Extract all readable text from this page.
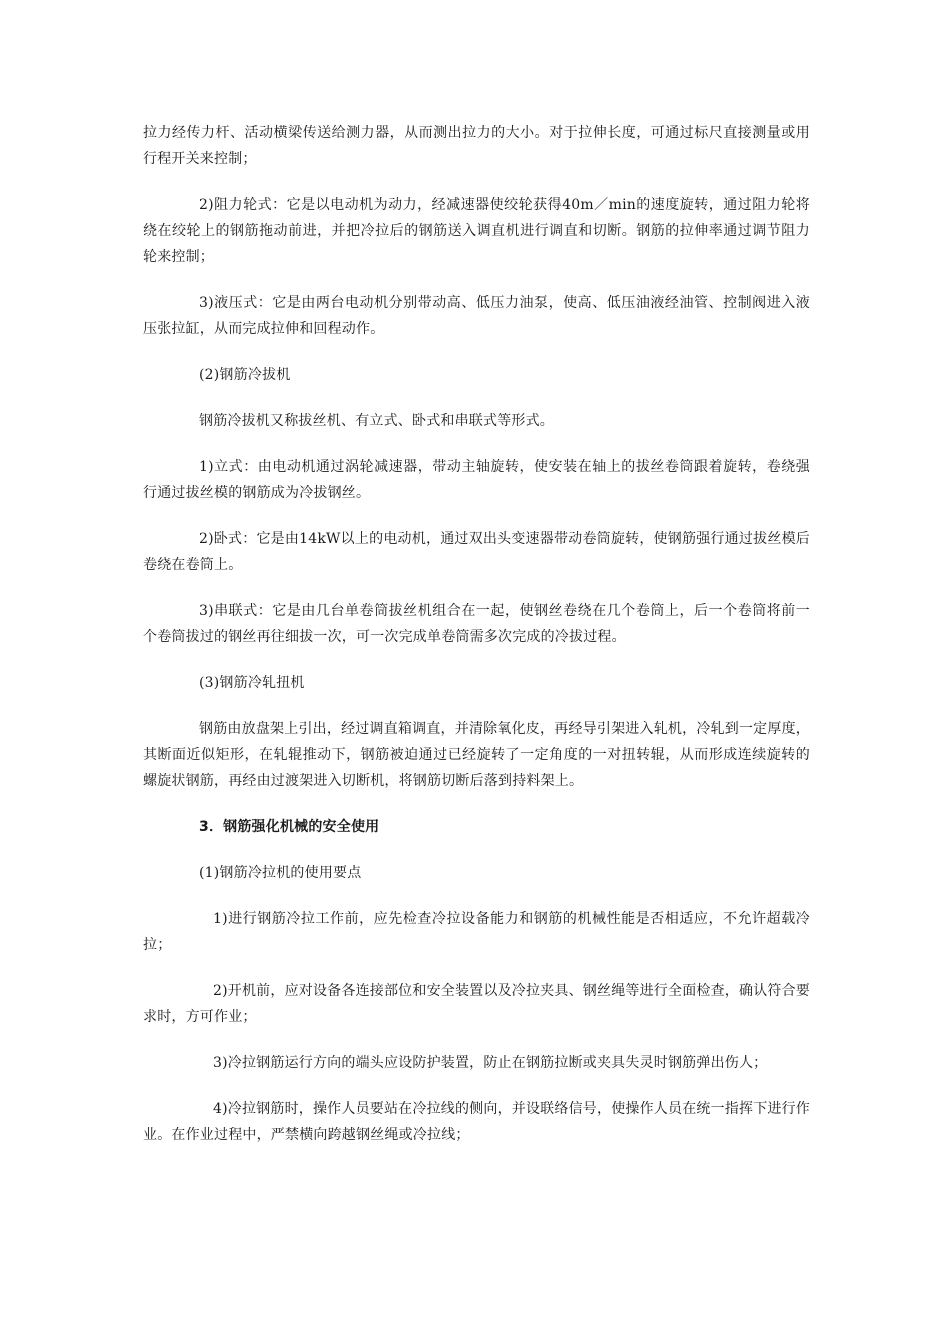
拉力经传力杆、活动横梁传送给测力器，从而测出拉力的大小。对于拉伸长度，可通过标尺直接测量或用行程开关来控制；

2)阻力轮式：它是以电动机为动力，经减速器使绞轮获得40m／min的速度旋转，通过阻力轮将绕在绞轮上的钢筋拖动前进，并把冷拉后的钢筋送入调直机进行调直和切断。钢筋的拉伸率通过调节阻力轮来控制；

3)液压式：它是由两台电动机分别带动高、低压力油泵，使高、低压油液经油管、控制阀进入液压张拉缸，从而完成拉伸和回程动作。

(2)钢筋冷拔机

钢筋冷拔机又称拔丝机、有立式、卧式和串联式等形式。

1)立式：由电动机通过涡轮减速器，带动主轴旋转，使安装在轴上的拔丝卷筒跟着旋转，卷绕强行通过拔丝模的钢筋成为冷拔钢丝。

2)卧式：它是由14kW以上的电动机，通过双出头变速器带动卷筒旋转，使钢筋强行通过拔丝模后卷绕在卷筒上。

3)串联式：它是由几台单卷筒拔丝机组合在一起，使钢丝卷绕在几个卷筒上，后一个卷筒将前一个卷筒拔过的钢丝再往细拔一次，可一次完成单卷筒需多次完成的冷拔过程。

(3)钢筋冷轧扭机

钢筋由放盘架上引出，经过调直箱调直，并清除氧化皮，再经导引架进入轧机，冷轧到一定厚度，其断面近似矩形，在轧辊推动下，钢筋被迫通过已经旋转了一定角度的一对扭转辊，从而形成连续旋转的螺旋状钢筋，再经由过渡架进入切断机，将钢筋切断后落到持料架上。

3．钢筋强化机械的安全使用

(1)钢筋冷拉机的使用要点

1)进行钢筋冷拉工作前，应先检查冷拉设备能力和钢筋的机械性能是否相适应，不允许超载冷拉；

2)开机前，应对设备各连接部位和安全装置以及冷拉夹具、钢丝绳等进行全面检查，确认符合要求时，方可作业；

3)冷拉钢筋运行方向的端头应设防护装置，防止在钢筋拉断或夹具失灵时钢筋弹出伤人；

4)冷拉钢筋时，操作人员要站在冷拉线的侧向，并设联络信号，使操作人员在统一指挥下进行作业。在作业过程中，严禁横向跨越钢丝绳或冷拉线；
